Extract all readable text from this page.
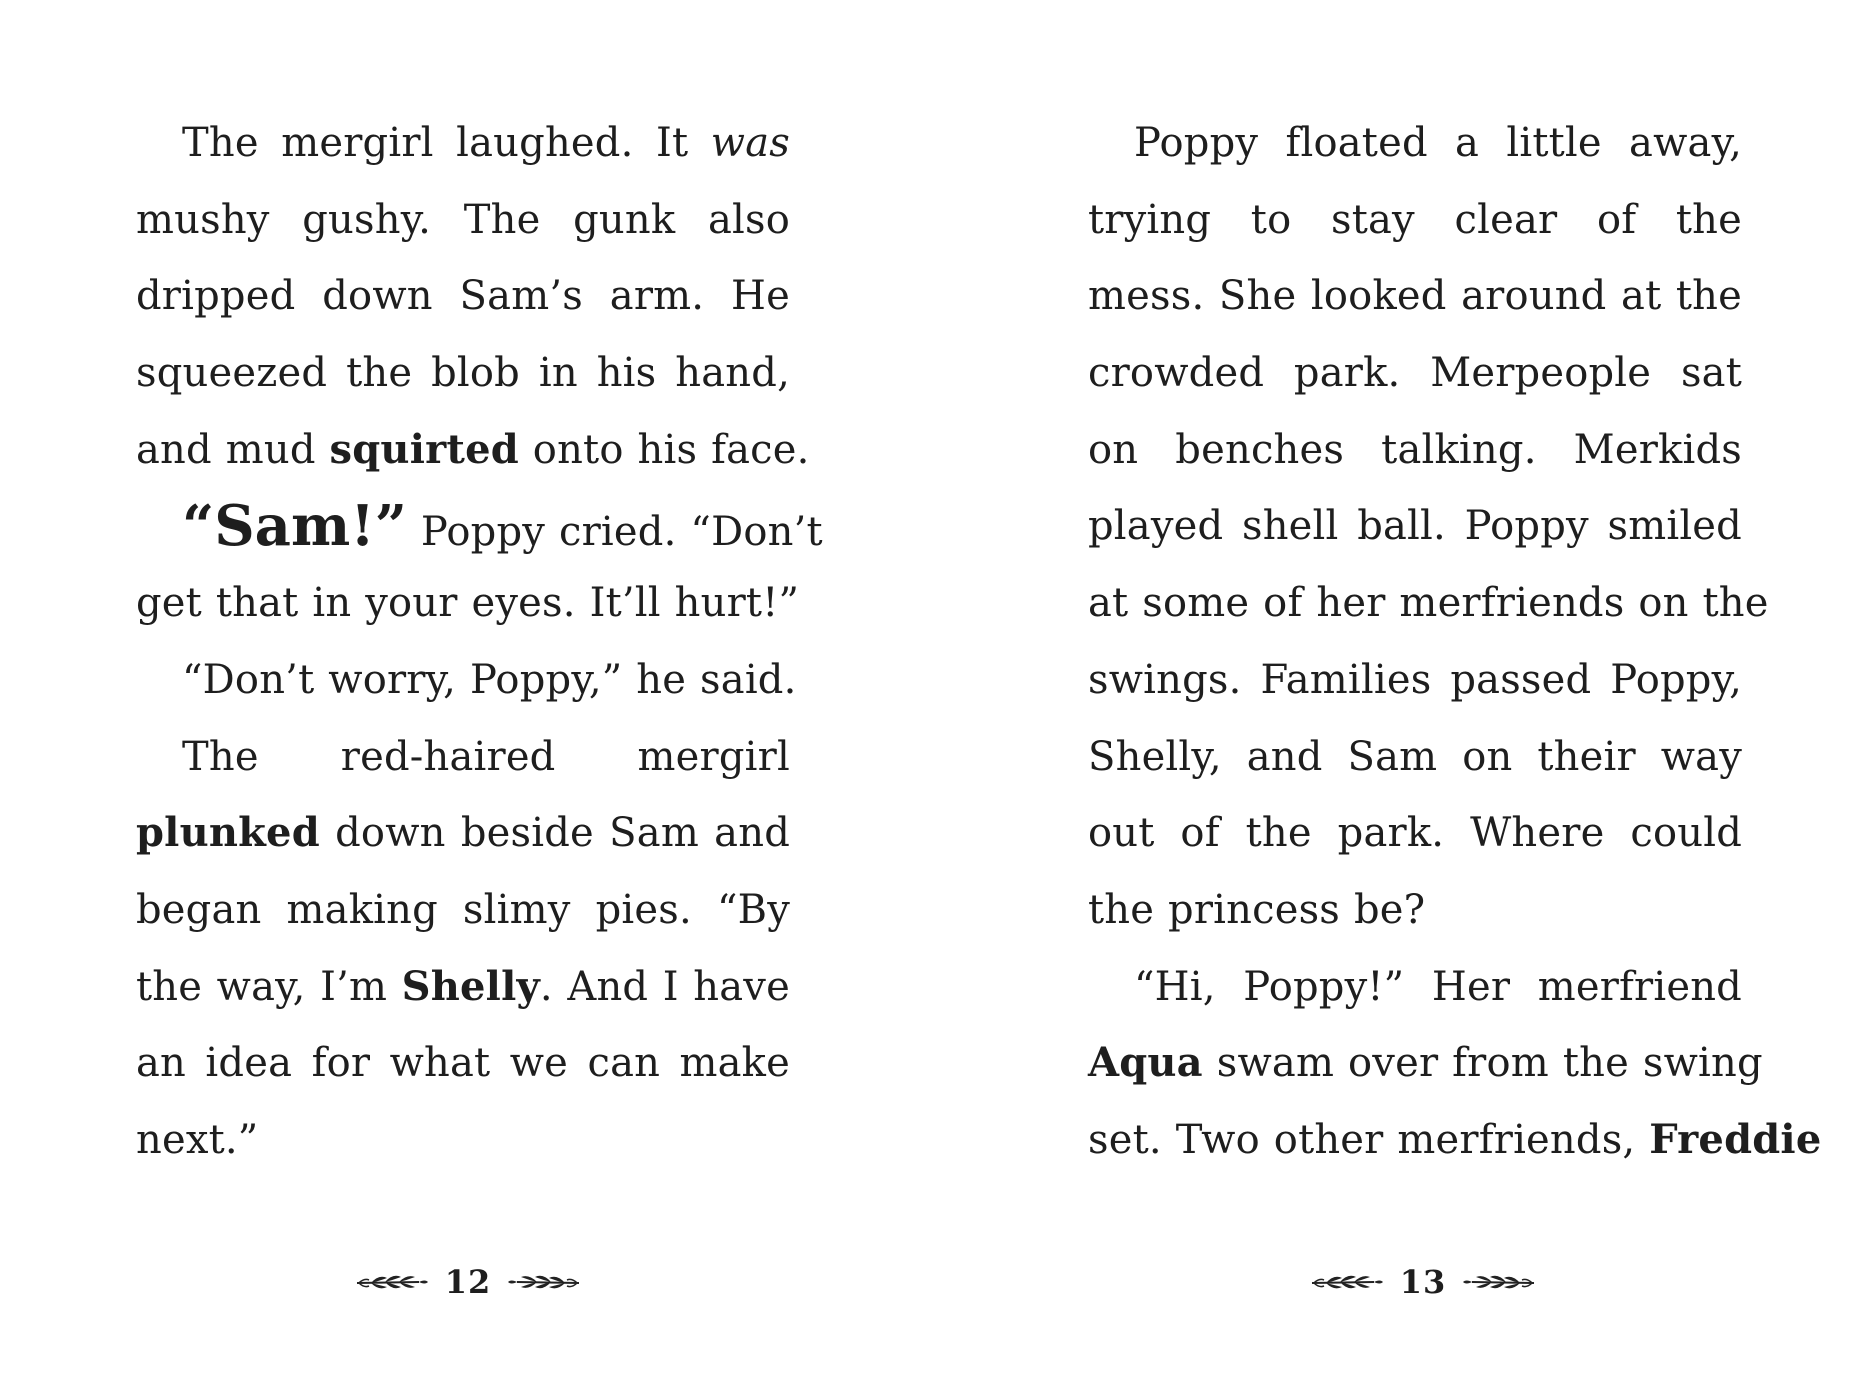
The mergirl laughed. It was
mushy gushy. The gunk also
dripped down Sam’s arm. He
squeezed the blob in his hand,
and mud squirted onto his face.
“Sam!” Poppy cried. “Don’t
get that in your eyes. It’ll hurt!”
“Don’t worry, Poppy,” he said.
The red-haired mergirl
plunked down beside Sam and
began making slimy pies. “By
the way, I’m Shelly. And I have
an idea for what we can make
next.”
Poppy floated a little away,
trying to stay clear of the
mess. She looked around at the
crowded park. Merpeople sat
on benches talking. Merkids
played shell ball. Poppy smiled
at some of her merfriends on the
swings. Families passed Poppy,
Shelly, and Sam on their way
out of the park. Where could
the princess be?
“Hi, Poppy!” Her merfriend
Aqua swam over from the swing
set. Two other merfriends, Freddie
12	13
